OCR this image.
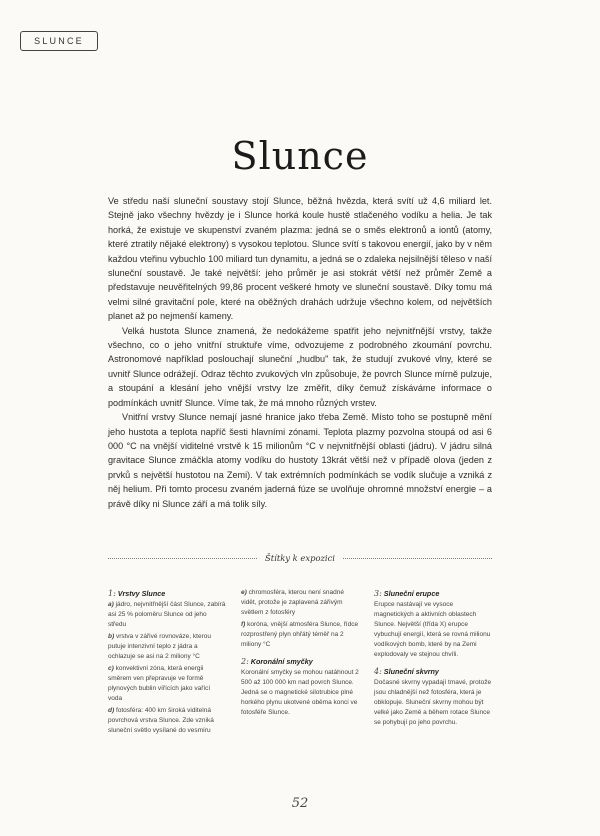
SLUNCE
Slunce

Ve středu naší sluneční soustavy stojí Slunce, běžná hvězda, která svítí už 4,6 miliard let. Stejně jako všechny hvězdy je i Slunce horká koule hustě stlačeného vodíku a helia. Je tak horká, že existuje ve skupenství zvaném plazma: jedná se o směs elektronů a iontů (atomy, které ztratily nějaké elektrony) s vysokou teplotou. Slunce svítí s takovou energií, jako by v něm každou vteřinu vybuchlo 100 miliard tun dynamitu, a jedná se o zdaleka nejsilnější těleso v naší sluneční soustavě. Je také největší: jeho průměr je asi stokrát větší než průměr Země a představuje neuvěřitelných 99,86 procent veškeré hmoty ve sluneční soustavě. Díky tomu má velmi silné gravitační pole, které na oběžných drahách udržuje všechno kolem, od největších planet až po nejmenší kameny.

Velká hustota Slunce znamená, že nedokážeme spatřit jeho nejvnitřnější vrstvy, takže všechno, co o jeho vnitřní struktuře víme, odvozujeme z podrobného zkoumání povrchu. Astronomové například poslouchají sluneční „hudbu" tak, že studují zvukové vlny, které se uvnitř Slunce odrážejí. Odraz těchto zvukových vln způsobuje, že povrch Slunce mírně pulzuje, a stoupání a klesání jeho vnější vrstvy lze změřit, díky čemuž získáváme informace o podmínkách uvnitř Slunce. Víme tak, že má mnoho různých vrstev.

Vnitřní vrstvy Slunce nemají jasné hranice jako třeba Země. Místo toho se postupně mění jeho hustota a teplota napříč šesti hlavními zónami. Teplota plazmy pozvolna stoupá od asi 6 000 °C na vnější viditelné vrstvě k 15 milionům °C v nejvnitřnější oblasti (jádru). V jádru silná gravitace Slunce zmáčkla atomy vodíku do hustoty 13krát větší než v případě olova (jeden z prvků s největší hustotou na Zemi). V tak extrémních podmínkách se vodík slučuje a vzniká z něj helium. Při tomto procesu zvaném jaderná fúze se uvolňuje ohromné množství energie – a právě díky ni Slunce září a má tolik síly.

Štítky k expozici
1: Vrstvy Slunce

a) jádro, nejvnitřnější část Slunce, zabírá asi 25 % poloměru Slunce od jeho středu

b) vrstva v zářivé rovnováze, kterou putuje intenzivní teplo z jádra a ochlazuje se asi na 2 miliony °C

c) konvektivní zóna, která energii směrem ven přepravuje ve formě plynových bublin vířících jako vařící voda

d) fotosféra: 400 km široká viditelná povrchová vrstva Slunce. Zde vzniká sluneční světlo vysílané do vesmíru

e) chromosféra, kterou není snadné vidět, protože je zaplavená zářivým světlem z fotosféry

f) koróna, vnější atmosféra Slunce, řídce rozprostřený plyn ohřátý téměř na 2 miliony °C

2: Koronální smyčky

Koronální smyčky se mohou natáhnout 2 500 až 100 000 km nad povrch Slunce. Jedná se o magnetické silotrubice plné horkého plynu ukotvené oběma konci ve fotosféře Slunce.

3: Sluneční erupce

Erupce nastávají ve vysoce magnetických a aktivních oblastech Slunce. Největší (třída X) erupce vybuchují energií, která se rovná milionu vodíkových bomb, které by na Zemi explodovaly ve stejnou chvíli.

4: Sluneční skvrny

Dočasné skvrny vypadají tmavé, protože jsou chladnější než fotosféra, která je obklopuje. Sluneční skvrny mohou být velké jako Země a během rotace Slunce se pohybují po jeho povrchu.

52
